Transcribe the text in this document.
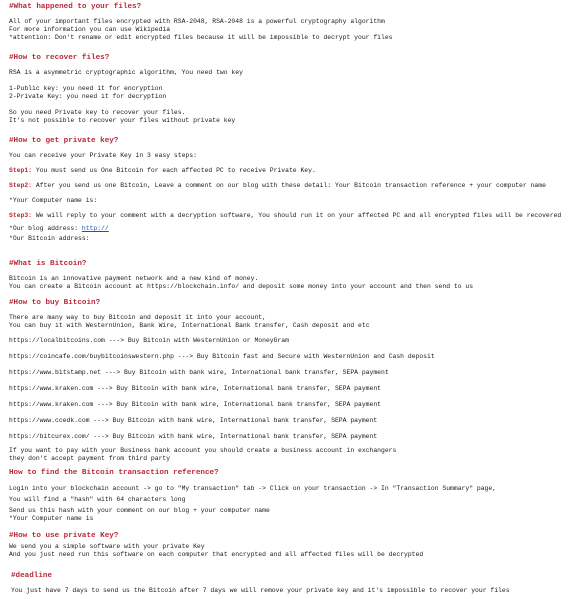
#What happened to your files?
All of your important files encrypted with RSA-2048, RSA-2048 is a powerful cryptography algorithm
For more information you can use Wikipedia
*attention: Don't rename or edit encrypted files because it will be impossible to decrypt your files
#How to recover files?
RSA is a asymmetric cryptographic algorithm, You need two key
1-Public key: you need it for encryption
2-Private Key: you need it for decryption
So you need Private key to recover your files.
It's not possible to recover your files without private key
#How to get private key?
You can receive your Private Key in 3 easy steps:
Step1: You must send us One Bitcoin for each affected PC to receive Private Key.
Step2: After you send us one Bitcoin, Leave a comment on our blog with these detail: Your Bitcoin transaction reference + your computer name
*Your Computer name is:
Step3: We will reply to your comment with a decryption software, You should run it on your affected PC and all encrypted files will be recovered
*Our blog address: http://
*Our Bitcoin address:
#What is Bitcoin?
Bitcoin is an innovative payment network and a new kind of money.
You can create a Bitcoin account at https://blockchain.info/ and deposit some money into your account and then send to us
#How to buy Bitcoin?
There are many way to buy Bitcoin and deposit it into your account,
You can buy it with WesternUnion, Bank Wire, International Bank transfer, Cash deposit and etc
https://localbitcoins.com ---> Buy Bitcoin with WesternUnion or MoneyGram
https://coincafe.com/buybitcoinswestern.php ---> Buy Bitcoin fast and Secure with WesternUnion and Cash deposit
https://www.bitstamp.net ---> Buy Bitcoin with bank wire, International bank transfer, SEPA payment
https://www.kraken.com ---> Buy Bitcoin with bank wire, International bank transfer, SEPA payment
https://www.kraken.com ---> Buy Bitcoin with bank wire, International bank transfer, SEPA payment
https://www.ccedk.com ---> Buy Bitcoin with bank wire, International bank transfer, SEPA payment
https://bitcurex.com/ ---> Buy Bitcoin with bank wire, International bank transfer, SEPA payment
If you want to pay with your Business bank account you should create a business account in exchangers
they don't accept payment from third party
How to find the Bitcoin transaction reference?
Login into your blockchain account -> go to "My transaction" tab -> Click on your transaction -> In "Transaction Summary" page,
You will find a "hash" with 64 characters long
Send us this hash with your comment on our blog + your computer name
*Your Computer name is
#How to use private Key?
We send you a simple software with your private Key
And you just need run this software on each computer that encrypted and all affected files will be decrypted
#deadline
You just have 7 days to send us the Bitcoin after 7 days we will remove your private key and it's impossible to recover your files
